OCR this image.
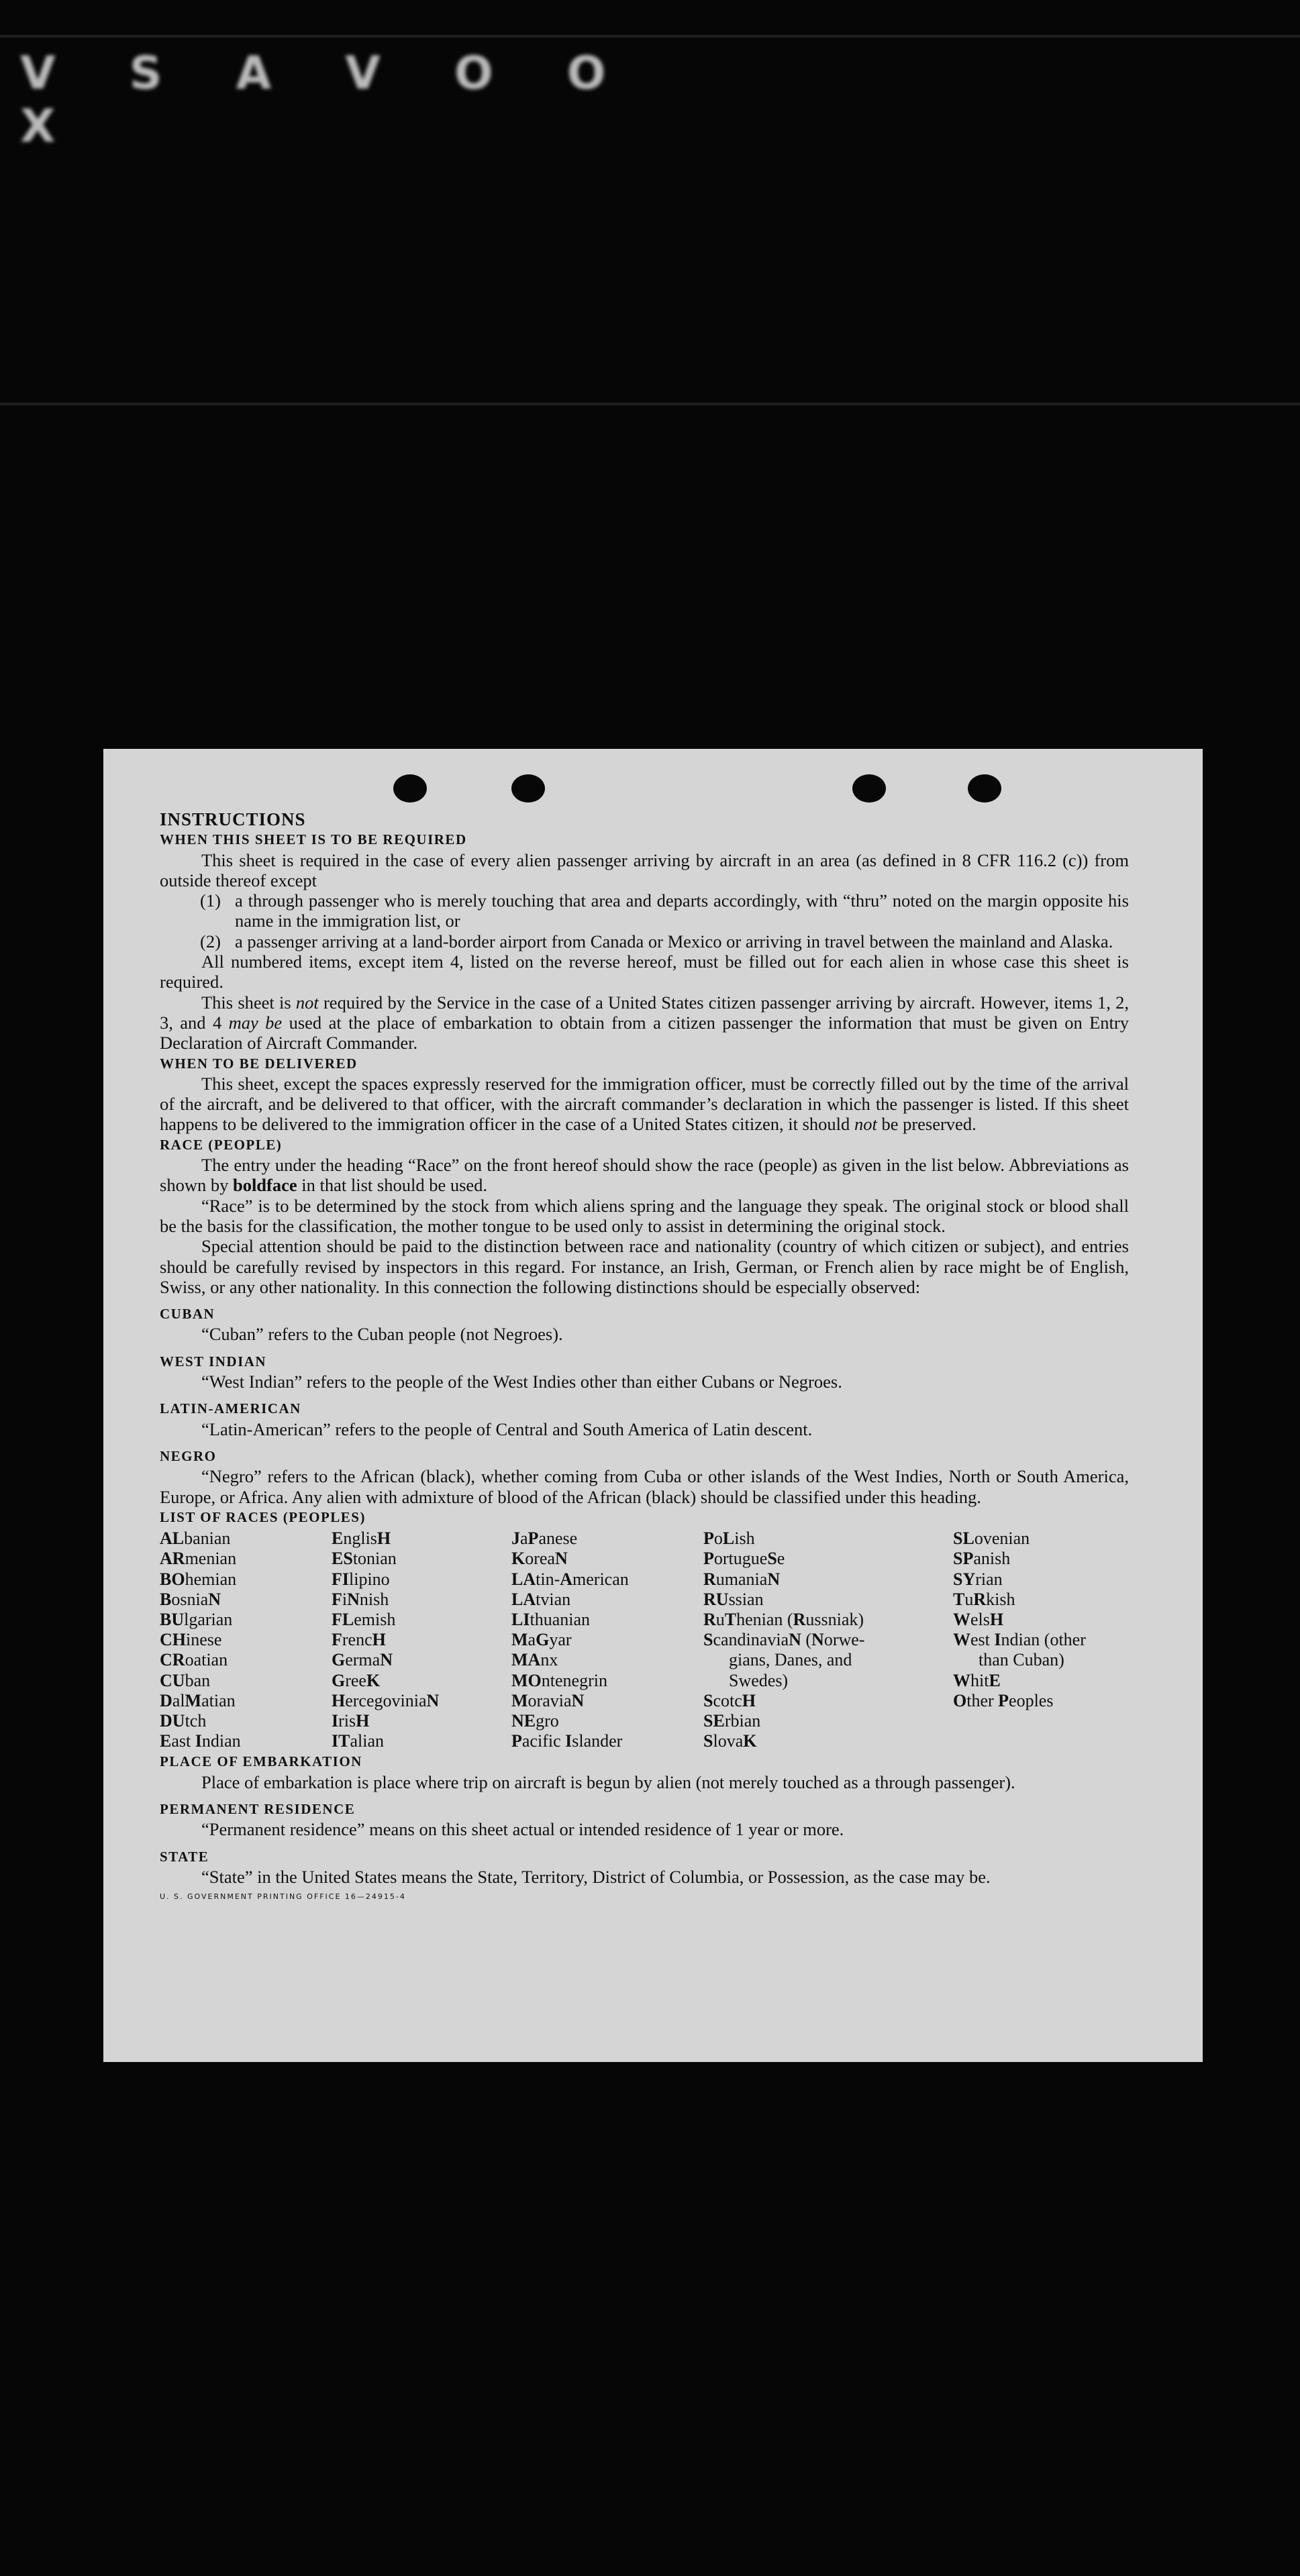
V S A V O OX

INSTRUCTIONS

WHEN THIS SHEET IS TO BE REQUIRED

This sheet is required in the case of every alien passenger arriving by aircraft in an area (as defined in 8 CFR 116.2 (c)) from outside thereof except

(1) a through passenger who is merely touching that area and departs accordingly, with “thru” noted on the margin opposite his name in the immigration list, or
(2) a passenger arriving at a land-border airport from Canada or Mexico or arriving in travel between the mainland and Alaska.

All numbered items, except item 4, listed on the reverse hereof, must be filled out for each alien in whose case this sheet is required.

This sheet is not required by the Service in the case of a United States citizen passenger arriving by aircraft. However, items 1, 2, 3, and 4 may be used at the place of embarkation to obtain from a citizen passenger the information that must be given on Entry Declaration of Aircraft Commander.

WHEN TO BE DELIVERED

This sheet, except the spaces expressly reserved for the immigration officer, must be correctly filled out by the time of the arrival of the aircraft, and be delivered to that officer, with the aircraft commander’s declaration in which the passenger is listed. If this sheet happens to be delivered to the immigration officer in the case of a United States citizen, it should not be preserved.

RACE (PEOPLE)

The entry under the heading “Race” on the front hereof should show the race (people) as given in the list below. Abbreviations as shown by boldface in that list should be used.

“Race” is to be determined by the stock from which aliens spring and the language they speak. The original stock or blood shall be the basis for the classification, the mother tongue to be used only to assist in determining the original stock.

Special attention should be paid to the distinction between race and nationality (country of which citizen or subject), and entries should be carefully revised by inspectors in this regard. For instance, an Irish, German, or French alien by race might be of English, Swiss, or any other nationality. In this connection the following distinctions should be especially observed:

CUBAN

“Cuban” refers to the Cuban people (not Negroes).

WEST INDIAN

“West Indian” refers to the people of the West Indies other than either Cubans or Negroes.

LATIN-AMERICAN

“Latin-American” refers to the people of Central and South America of Latin descent.

NEGRO

“Negro” refers to the African (black), whether coming from Cuba or other islands of the West Indies, North or South America, Europe, or Africa. Any alien with admixture of blood of the African (black) should be classified under this heading.

LIST OF RACES (PEOPLES)

ALbanian
ARmenian
BOhemian
BosniaN
BUlgarian
CHinese
CRoatian
CUban
DalMatian
DUtch
East Indian
EnglisH
EStonian
FIlipino
FiNnish
FLemish
FrencH
GermaN
GreeK
HercegoviniaN
IrisH
ITalian
JaPanese
KoreaN
LAtin-American
LAtvian
LIthuanian
MaGyar
MAnx
MOntenegrin
MoraviaN
NEgro
Pacific Islander
PoLish
PortugueSe
RumaniaN
RUssian
RuThenian (Russniak)
ScandinaviaN (Norwe-
gians, Danes, and
Swedes)
ScotcH
SErbian
SlovaK
SLovenian
SPanish
SYrian
TuRkish
WelsH
West Indian (other
than Cuban)
WhitE
Other Peoples

PLACE OF EMBARKATION

Place of embarkation is place where trip on aircraft is begun by alien (not merely touched as a through passenger).

PERMANENT RESIDENCE

“Permanent residence” means on this sheet actual or intended residence of 1 year or more.

STATE

“State” in the United States means the State, Territory, District of Columbia, or Possession, as the case may be.

U. S. GOVERNMENT PRINTING OFFICE 16—24915-4
